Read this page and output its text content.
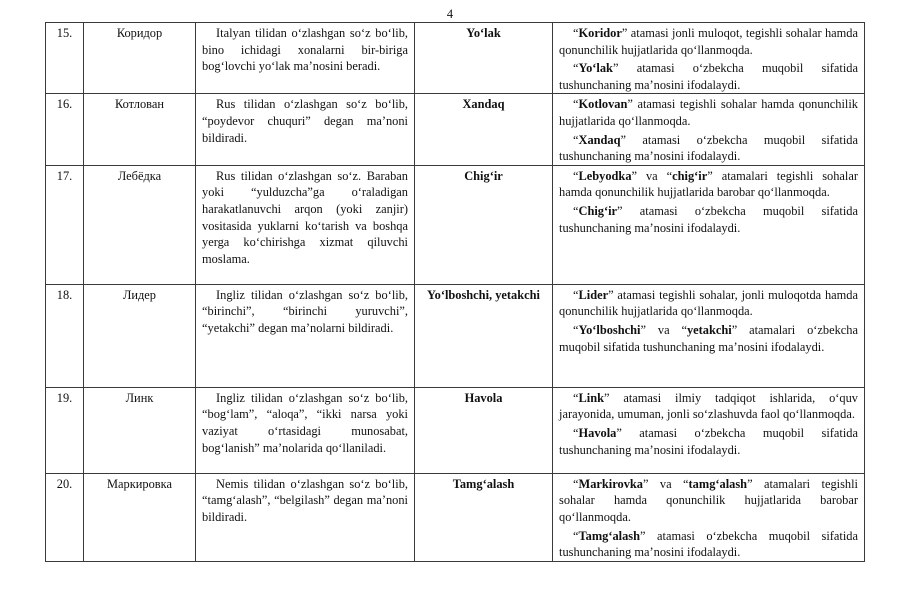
4
15.	Коридор	Italyan tilidan o‘zlashgan so‘z bo‘lib, bino ichidagi xonalarni bir-biriga bog‘lovchi yo‘lak ma’nosini beradi.	Yo‘lak	“Koridor” atamasi jonli muloqot, tegishli sohalar hamda qonunchilik hujjatlarida qo‘llanmoqda.

“Yo‘lak” atamasi o‘zbekcha muqobil sifatida tushunchaning ma’nosini ifodalaydi.

16.	Котлован	Rus tilidan o‘zlashgan so‘z bo‘lib, “poydevor chuquri” degan ma’noni bildiradi.	Xandaq	“Kotlovan” atamasi tegishli sohalar hamda qonunchilik hujjatlarida qo‘llanmoqda.

“Xandaq” atamasi o‘zbekcha muqobil sifatida tushunchaning ma’nosini ifodalaydi.

17.	Лебёдка	Rus tilidan o‘zlashgan so‘z. Baraban yoki “yulduzcha”ga o‘raladigan harakatlanuvchi arqon (yoki zanjir) vositasida yuklarni ko‘tarish va boshqa yerga ko‘chirishga xizmat qiluvchi moslama.	Chig‘ir	“Lebyodka” va “chig‘ir” atamalari tegishli sohalar hamda qonunchilik hujjatlarida barobar qo‘llanmoqda.

“Chig‘ir” atamasi o‘zbekcha muqobil sifatida tushunchaning ma’nosini ifodalaydi.

18.	Лидер	Ingliz tilidan o‘zlashgan so‘z bo‘lib, “birinchi”, “birinchi yuruvchi”, “yetakchi” degan ma’nolarni bildiradi.	Yo‘lboshchi, yetakchi	“Lider” atamasi tegishli sohalar, jonli muloqotda hamda qonunchilik hujjatlarida qo‘llanmoqda.

“Yo‘lboshchi” va “yetakchi” atamalari o‘zbekcha muqobil sifatida tushunchaning ma’nosini ifodalaydi.

19.	Линк	Ingliz tilidan o‘zlashgan so‘z bo‘lib, “bog‘lam”, “aloqa”, “ikki narsa yoki vaziyat o‘rtasidagi munosabat, bog‘lanish” ma’nolarida qo‘llaniladi.	Havola	“Link” atamasi ilmiy tadqiqot ishlarida, o‘quv jarayonida, umuman, jonli so‘zlashuvda faol qo‘llanmoqda.

“Havola” atamasi o‘zbekcha muqobil sifatida tushunchaning ma’nosini ifodalaydi.

20.	Маркировка	Nemis tilidan o‘zlashgan so‘z bo‘lib, “tamg‘alash”, “belgilash” degan ma’noni bildiradi.	Tamg‘alash	“Markirovka” va “tamg‘alash” atamalari tegishli sohalar hamda qonunchilik hujjatlarida barobar qo‘llanmoqda.

“Tamg‘alash” atamasi o‘zbekcha muqobil sifatida tushunchaning ma’nosini ifodalaydi.
